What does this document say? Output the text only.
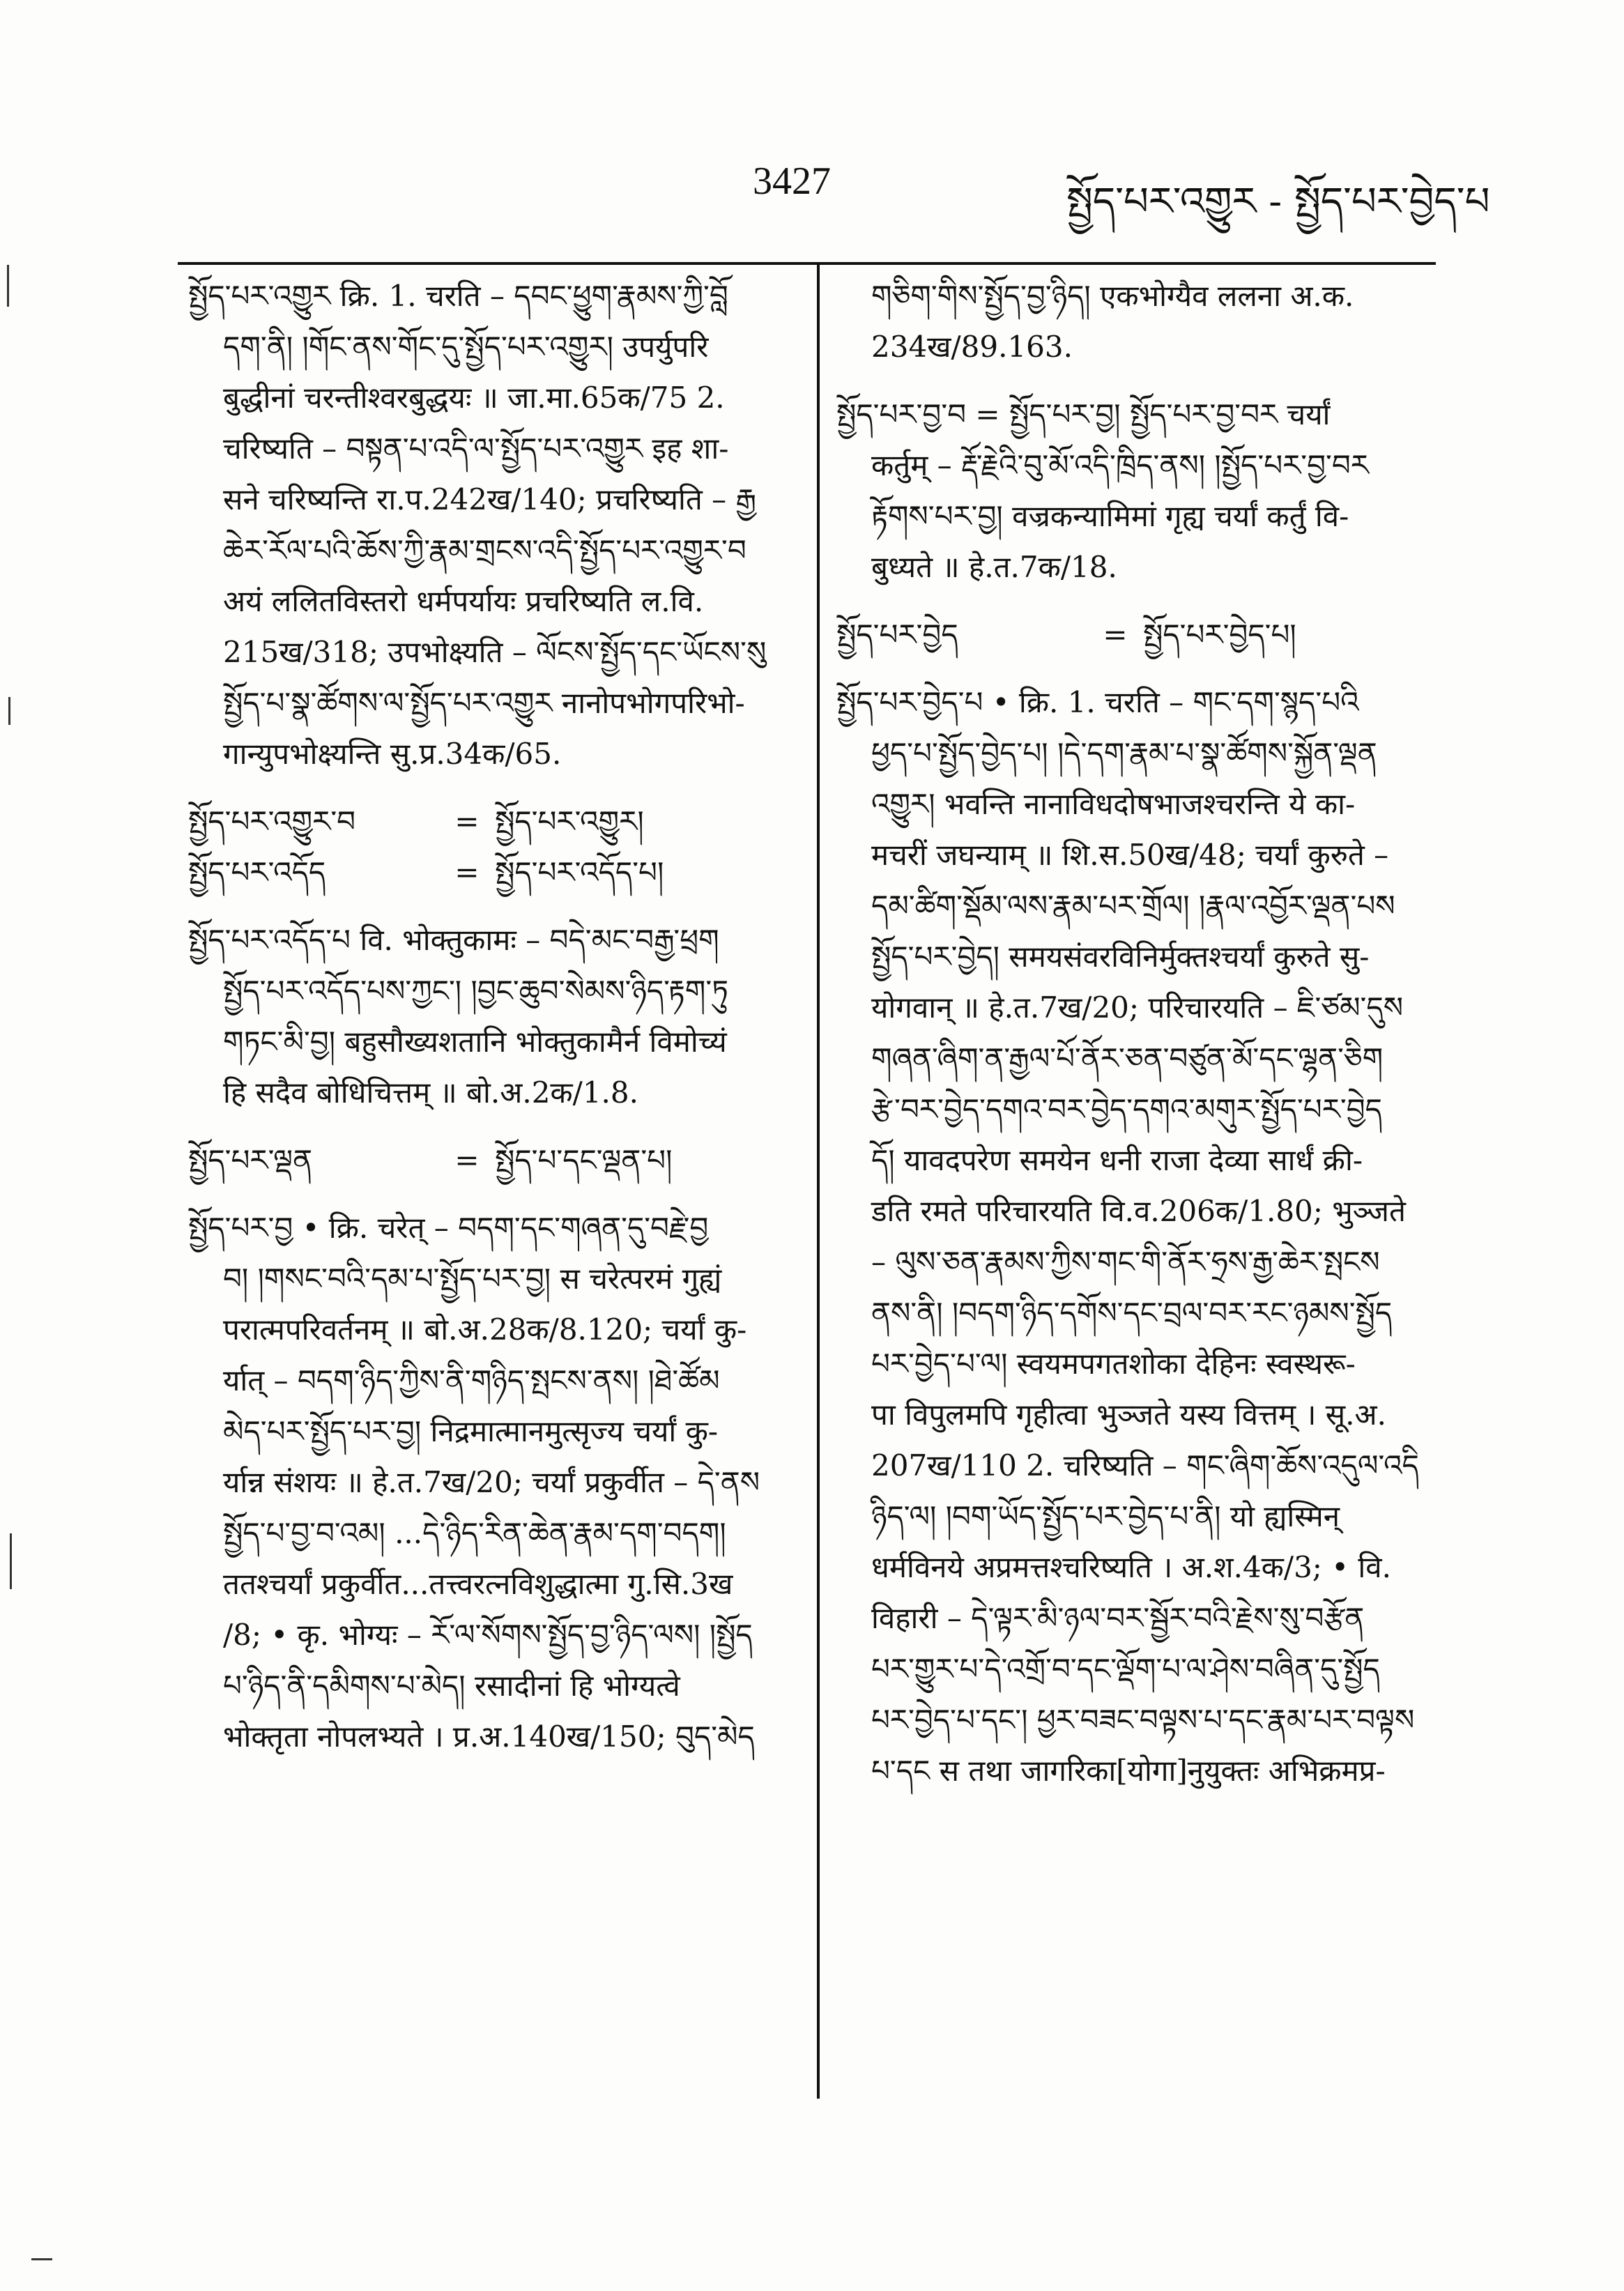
3427	སྤྱོད་པར་འགྱུར - སྤྱོད་པར་བྱེད་པ
སྤྱོད་པར་འགྱུར क्रि. 1. चरति – དབང་ཕྱུག་རྣམས་ཀྱི་བློ
དག་ནི། །གོང་ནས་གོང་དུ་སྤྱོད་པར་འགྱུར། उपर्युपरि
बुद्धीनां चरन्तीश्वरबुद्धयः ॥ जा.मा.65क/75 2.
चरिष्यति – བསྟན་པ་འདི་ལ་སྤྱོད་པར་འགྱུར इह शा-
सने चरिष्यन्ति रा.प.242ख/140; प्रचरिष्यति – རྒྱ
ཆེར་རོལ་པའི་ཆོས་ཀྱི་རྣམ་གྲངས་འདི་སྤྱོད་པར་འགྱུར་བ
अयं ललितविस्तरो धर्मपर्यायः प्रचरिष्यति ल.वि.
215ख/318; उपभोक्ष्यति – ལོངས་སྤྱོད་དང་ཡོངས་སུ
སྤྱོད་པ་སྣ་ཚོགས་ལ་སྤྱོད་པར་འགྱུར नानोपभोगपरिभो-
गान्युपभोक्ष्यन्ति सु.प्र.34क/65.
སྤྱོད་པར་འགྱུར་བ	= སྤྱོད་པར་འགྱུར།
སྤྱོད་པར་འདོད	= སྤྱོད་པར་འདོད་པ།
སྤྱོད་པར་འདོད་པ वि. भोक्तुकामः – བདེ་མང་བརྒྱ་ཕྲག
སྤྱོད་པར་འདོད་པས་ཀྱང་། །བྱང་ཆུབ་སེམས་ཉིད་རྟག་ཏུ
གཏང་མི་བྱ། बहुसौख्यशतानि भोक्तुकामैर्न विमोच्यं
हि सदैव बोधिचित्तम् ॥ बो.अ.2क/1.8.
སྤྱོད་པར་ལྡན	= སྤྱོད་པ་དང་ལྡན་པ།
སྤྱོད་པར་བྱ • क्रि. चरेत् – བདག་དང་གཞན་དུ་བརྗེ་བྱ
བ། །གསང་བའི་དམ་པ་སྤྱོད་པར་བྱ། स चरेत्परमं गुह्यं
परात्मपरिवर्तनम् ॥ बो.अ.28क/8.120; चर्यां कु-
र्यात् – བདག་ཉིད་ཀྱིས་ནི་གཉིད་སྤངས་ནས། །ཐེ་ཚོམ
མེད་པར་སྤྱོད་པར་བྱ། निद्रमात्मानमुत्सृज्य चर्यां कु-
र्यान्न संशयः ॥ हे.त.7ख/20; चर्यां प्रकुर्वीत – དེ་ནས
སྤྱོད་པ་བྱ་བ་འམ། ...དེ་ཉིད་རིན་ཆེན་རྣམ་དག་བདག།
ततश्चर्यां प्रकुर्वीत...तत्त्वरत्नविशुद्धात्मा गु.सि.3ख
/8; • कृ. भोग्यः – རོ་ལ་སོགས་སྤྱོད་བྱ་ཉིད་ལས། །སྤྱོད
པ་ཉིད་ནི་དམིགས་པ་མེད། रसादीनां हि भोग्यत्वे
भोक्तृता नोपलभ्यते । प्र.अ.140ख/150; བུད་མེད
གཅིག་གིས་སྤྱོད་བྱ་ཉིད། एकभोग्यैव ललना अ.क.
234ख/89.163.
སྤྱོད་པར་བྱ་བ = སྤྱོད་པར་བྱ། སྤྱོད་པར་བྱ་བར चर्यां
कर्तुम् – རྡོ་རྗེའི་བུ་མོ་འདི་ཁྲིད་ནས། །སྤྱོད་པར་བྱ་བར
རྟོགས་པར་བྱ། वज्रकन्यामिमां गृह्य चर्यां कर्तुं वि-
बुध्यते ॥ हे.त.7क/18.
སྤྱོད་པར་བྱེད	= སྤྱོད་པར་བྱེད་པ།
སྤྱོད་པར་བྱེད་པ • क्रि. 1. चरति – གང་དག་སྙད་པའི
ཕྱད་པ་སྤྱོད་བྱེད་པ། །དེ་དག་རྣམ་པ་སྣ་ཚོགས་སྐྱོན་ལྡན
འགྱུར། भवन्ति नानाविधदोषभाजश्चरन्ति ये का-
मचरीं जघन्याम् ॥ शि.स.50ख/48; चर्यां कुरुते –
དམ་ཚིག་སྡོམ་ལས་རྣམ་པར་གྲོལ། །རྣལ་འབྱོར་ལྡན་པས
སྤྱོད་པར་བྱེད། समयसंवरविनिर्मुक्तश्चर्यां कुरुते सु-
योगवान् ॥ हे.त.7ख/20; परिचारयति – ཇི་ཙམ་དུས
གཞན་ཞིག་ན་རྒྱལ་པོ་ནོར་ཅན་བཙུན་མོ་དང་ལྷན་ཅིག
རྩེ་བར་བྱེད་དགའ་བར་བྱེད་དགའ་མགུར་སྤྱོད་པར་བྱེད
དོ། यावदपरेण समयेन धनी राजा देव्या सार्धं क्री-
डति रमते परिचारयति वि.व.206क/1.80; भुञ्जते
– ལུས་ཅན་རྣམས་ཀྱིས་གང་གི་ནོར་ཧྲས་རྒྱ་ཆེར་སྤངས
ནས་ནི། །བདག་ཉིད་དགོས་དང་བྲལ་བར་རང་ཉམས་སྤྱོད
པར་བྱེད་པ་ལ། स्वयमपगतशोका देहिनः स्वस्थरू-
पा विपुलमपि गृहीत्वा भुञ्जते यस्य वित्तम् । सू.अ.
207ख/110 2. चरिष्यति – གང་ཞིག་ཆོས་འདུལ་འདི
ཉིད་ལ། །བག་ཡོད་སྤྱོད་པར་བྱེད་པ་ནི། यो ह्यस्मिन्
धर्मविनये अप्रमत्तश्चरिष्यति । अ.श.4क/3; • वि.
विहारी – དེ་ལྟར་མི་ཉལ་བར་སྦྱོར་བའི་རྗེས་སུ་བརྩོན
པར་གྱུར་པ་དེ་འགྲོ་བ་དང་ལྡོག་པ་ལ་ཤེས་བཞིན་དུ་སྤྱོད
པར་བྱེད་པ་དང་། ཕྱར་བཟང་བལྟས་པ་དང་རྣམ་པར་བལྟས
པ་དང स तथा जागरिका[योगा]नुयुक्तः अभिक्रमप्र-
